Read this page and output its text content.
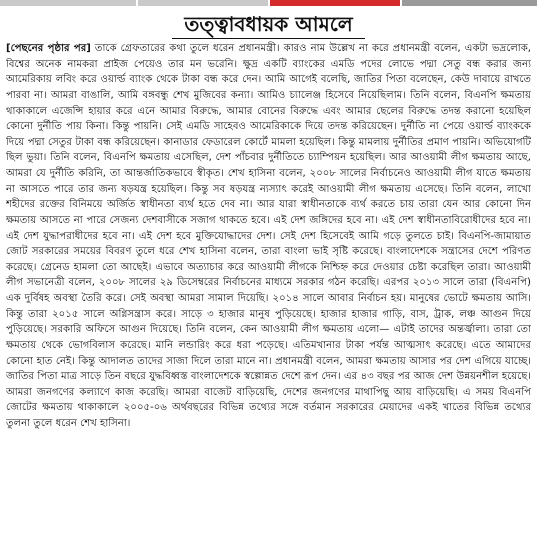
তত্ত্বাবধায়ক আমলে

[পেছনের পৃষ্ঠার পর] তাকে গ্রেফতারের কথা তুলে ধরেন প্রধানমন্ত্রী। কারও নাম উল্লেখ না করে প্রধানমন্ত্রী বলেন, একটা ভদ্রলোক, বিশ্বের অনেক নামকরা প্রাইজ পেয়েও তার মন ভরেনি। ক্ষুদ্র একটি ব্যাংকের এমডি পদের লোভে পদ্মা সেতু বন্ধ করার জন্য আমেরিকায় লবিং করে ওয়ার্ল্ড ব্যাংক থেকে টাকা বন্ধ করে দেন। আমি আগেই বলেছি, জাতির পিতা বলেছেন, কেউ দাবায়ে রাখতে পারবা না। আমরা বাঙালি, আমি বঙ্গবন্ধু শেখ মুজিবের কন্যা। আমিও চ্যালেঞ্জ হিসেবে নিয়েছিলাম। তিনি বলেন, বিএনপি ক্ষমতায় থাকাকালে এজেন্সি হায়ার করে এনে আমার বিরুদ্ধে, আমার বোনের বিরুদ্ধে এবং আমার ছেলের বিরুদ্ধে তদন্ত করানো হয়েছিল কোনো দুর্নীতি পায় কিনা। কিন্তু পায়নি। সেই এমডি সাহেবও আমেরিকাকে দিয়ে তদন্ত করিয়েছেন। দুর্নীতি না পেয়ে ওয়ার্ল্ড ব্যাংককে দিয়ে পদ্মা সেতুর টাকা বন্ধ করিয়েছেন। কানাডার ফেডারেল কোর্টে মামলা হয়েছিল। কিন্তু মামলায় দুর্নীতির প্রমাণ পায়নি। অভিযোগটি ছিল ভুয়া। তিনি বলেন, বিএনপি ক্ষমতায় এসেছিল, দেশ পাঁচবার দুর্নীতিতে চ্যাম্পিয়ন হয়েছিল। আর আওয়ামী লীগ ক্ষমতায় আছে, আমরা যে দুর্নীতি করিনি, তা আন্তর্জাতিকভাবে স্বীকৃত। শেখ হাসিনা বলেন, ২০০৮ সালের নির্বাচনেও আওয়ামী লীগ যাতে ক্ষমতায় না আসতে পারে তার জন্য ষড়যন্ত্র হয়েছিল। কিন্তু সব ষড়যন্ত্র ন্যস্যাৎ করেই আওয়ামী লীগ ক্ষমতায় এসেছে। তিনি বলেন, লাখো শহীদের রক্তের বিনিময়ে অর্জিত স্বাধীনতা ব্যর্থ হতে দেব না। আর যারা স্বাধীনতাকে ব্যর্থ করতে চায় তারা যেন আর কোনো দিন ক্ষমতায় আসতে না পারে সেজন্য দেশবাসীকে সজাগ থাকতে হবে। এই দেশ জঙ্গিদের হবে না। এই দেশ স্বাধীনতাবিরোধীদের হবে না। এই দেশ যুদ্ধাপরাধীদের হবে না। এই দেশ হবে মুক্তিযোদ্ধাদের দেশ। সেই দেশ হিসেবেই আমি গড়ে তুলতে চাই। বিএনপি-জামায়াত জোট সরকারের সময়ের বিবরণ তুলে ধরে শেখ হাসিনা বলেন, তারা বাংলা ভাই সৃষ্টি করেছে। বাংলাদেশকে সন্ত্রাসের দেশে পরিণত করেছে। গ্রেনেড হামলা তো আছেই। এভাবে অত্যাচার করে আওয়ামী লীগকে নিশ্চিহ্ন করে দেওয়ার চেষ্টা করেছিল তারা। আওয়ামী লীগ সভানেত্রী বলেন, ২০০৮ সালের ২৯ ডিসেম্বরের নির্বাচনের মাধ্যমে সরকার গঠন করেছি। এরপর ২০১৩ সালে তারা (বিএনপি) এক দুর্বিষহ অবস্থা তৈরি করে। সেই অবস্থা আমরা সামাল দিয়েছি। ২০১৪ সালে আবার নির্বাচন হয়। মানুষের ভোটে ক্ষমতায় আসি। কিন্তু তারা ২০১৫ সালে অগ্নিসন্ত্রাস করে। সাড়ে ৩ হাজার মানুষ পুড়িয়েছে। হাজার হাজার গাড়ি, বাস, ট্রাক, লঞ্চ আগুন দিয়ে পুড়িয়েছে। সরকারি অফিসে আগুন দিয়েছে। তিনি বলেন, কেন আওয়ামী লীগ ক্ষমতায় এলো— এটাই তাদের অন্তর্জ্বালা। তারা তো ক্ষমতায় থেকে ভোগবিলাস করেছে। মানি লন্ডারিং করে ধরা পড়েছে। এতিমখানার টাকা পর্যন্ত আত্মসাৎ করেছে। এতে আমাদের কোনো হাত নেই। কিন্তু আদালত তাদের সাজা দিলে তারা মানে না। প্রধানমন্ত্রী বলেন, আমরা ক্ষমতায় আসার পর দেশ এগিয়ে যাচ্ছে। জাতির পিতা মাত্র সাড়ে তিন বছরে যুদ্ধবিধ্বস্ত বাংলাদেশকে স্বল্পোন্নত দেশে রূপ দেন। এর ৪৩ বছর পর আজ দেশ উন্নয়নশীল হয়েছে। আমরা জনগণের কল্যাণে কাজ করেছি। আমরা বাজেট বাড়িয়েছি, দেশের জনগণের মাথাপিছু আয় বাড়িয়েছি। এ সময় বিএনপি জোটের ক্ষমতায় থাকাকালে ২০০৫-০৬ অর্থবছরের বিভিন্ন তথ্যের সঙ্গে বর্তমান সরকারের মেয়াদের একই খাতের বিভিন্ন তথ্যের তুলনা তুলে ধরেন শেখ হাসিনা।
